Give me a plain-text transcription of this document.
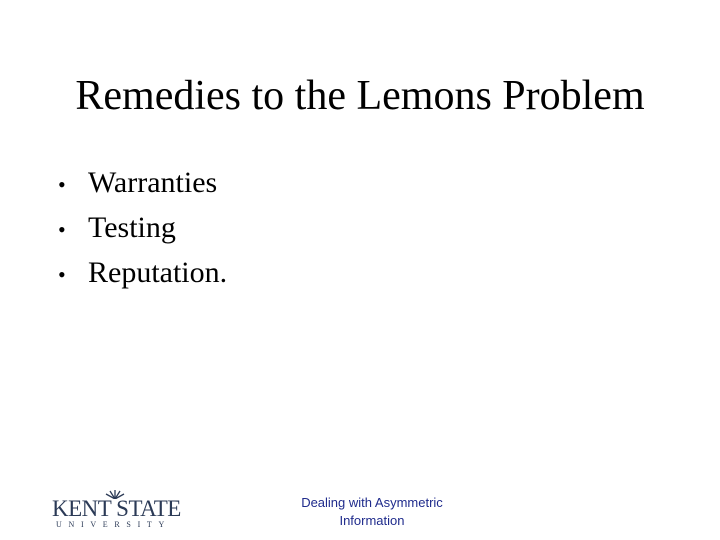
Remedies to the Lemons Problem
• Warranties
• Testing
• Reputation.
KENT STATE
UNIVERSITY
Dealing with Asymmetric
Information
